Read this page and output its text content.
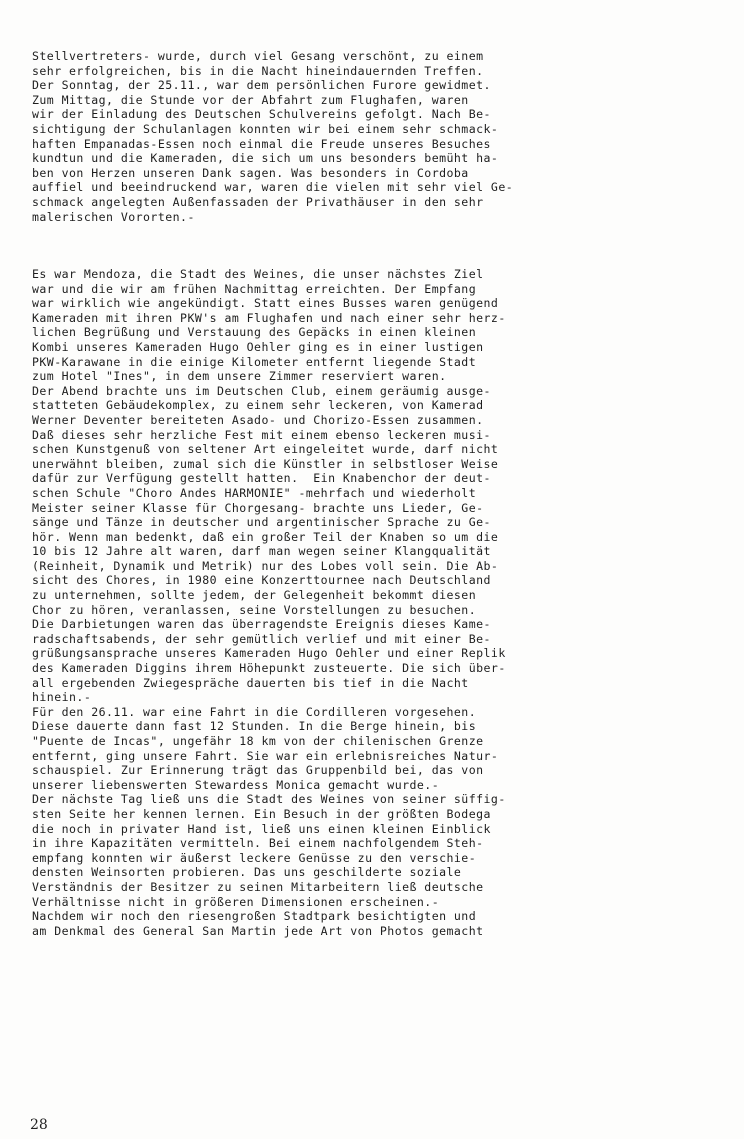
Stellvertreters- wurde, durch viel Gesang verschönt, zu einem
sehr erfolgreichen, bis in die Nacht hineindauernden Treffen.
Der Sonntag, der 25.11., war dem persönlichen Furore gewidmet.
Zum Mittag, die Stunde vor der Abfahrt zum Flughafen, waren
wir der Einladung des Deutschen Schulvereins gefolgt. Nach Be-
sichtigung der Schulanlagen konnten wir bei einem sehr schmack-
haften Empanadas-Essen noch einmal die Freude unseres Besuches
kundtun und die Kameraden, die sich um uns besonders bemüht ha-
ben von Herzen unseren Dank sagen. Was besonders in Cordoba
auffiel und beeindruckend war, waren die vielen mit sehr viel Ge-
schmack angelegten Außenfassaden der Privathäuser in den sehr
malerischen Vororten.-
Es war Mendoza, die Stadt des Weines, die unser nächstes Ziel
war und die wir am frühen Nachmittag erreichten. Der Empfang
war wirklich wie angekündigt. Statt eines Busses waren genügend
Kameraden mit ihren PKW's am Flughafen und nach einer sehr herz-
lichen Begrüßung und Verstauung des Gepäcks in einen kleinen
Kombi unseres Kameraden Hugo Oehler ging es in einer lustigen
PKW-Karawane in die einige Kilometer entfernt liegende Stadt
zum Hotel "Ines", in dem unsere Zimmer reserviert waren.
Der Abend brachte uns im Deutschen Club, einem geräumig ausge-
statteten Gebäudekomplex, zu einem sehr leckeren, von Kamerad
Werner Deventer bereiteten Asado- und Chorizo-Essen zusammen.
Daß dieses sehr herzliche Fest mit einem ebenso leckeren musi-
schen Kunstgenuß von seltener Art eingeleitet wurde, darf nicht
unerwähnt bleiben, zumal sich die Künstler in selbstloser Weise
dafür zur Verfügung gestellt hatten.  Ein Knabenchor der deut-
schen Schule "Choro Andes HARMONIE" -mehrfach und wiederholt
Meister seiner Klasse für Chorgesang- brachte uns Lieder, Ge-
sänge und Tänze in deutscher und argentinischer Sprache zu Ge-
hör. Wenn man bedenkt, daß ein großer Teil der Knaben so um die
10 bis 12 Jahre alt waren, darf man wegen seiner Klangqualität
(Reinheit, Dynamik und Metrik) nur des Lobes voll sein. Die Ab-
sicht des Chores, in 1980 eine Konzerttournee nach Deutschland
zu unternehmen, sollte jedem, der Gelegenheit bekommt diesen
Chor zu hören, veranlassen, seine Vorstellungen zu besuchen.
Die Darbietungen waren das überragendste Ereignis dieses Kame-
radschaftsabends, der sehr gemütlich verlief und mit einer Be-
grüßungsansprache unseres Kameraden Hugo Oehler und einer Replik
des Kameraden Diggins ihrem Höhepunkt zusteuerte. Die sich über-
all ergebenden Zwiegespräche dauerten bis tief in die Nacht
hinein.-
Für den 26.11. war eine Fahrt in die Cordilleren vorgesehen.
Diese dauerte dann fast 12 Stunden. In die Berge hinein, bis
"Puente de Incas", ungefähr 18 km von der chilenischen Grenze
entfernt, ging unsere Fahrt. Sie war ein erlebnisreiches Natur-
schauspiel. Zur Erinnerung trägt das Gruppenbild bei, das von
unserer liebenswerten Stewardess Monica gemacht wurde.-
Der nächste Tag ließ uns die Stadt des Weines von seiner süffig-
sten Seite her kennen lernen. Ein Besuch in der größten Bodega
die noch in privater Hand ist, ließ uns einen kleinen Einblick
in ihre Kapazitäten vermitteln. Bei einem nachfolgendem Steh-
empfang konnten wir äußerst leckere Genüsse zu den verschie-
densten Weinsorten probieren. Das uns geschilderte soziale
Verständnis der Besitzer zu seinen Mitarbeitern ließ deutsche
Verhältnisse nicht in größeren Dimensionen erscheinen.-
Nachdem wir noch den riesengroßen Stadtpark besichtigten und
am Denkmal des General San Martin jede Art von Photos gemacht
28
